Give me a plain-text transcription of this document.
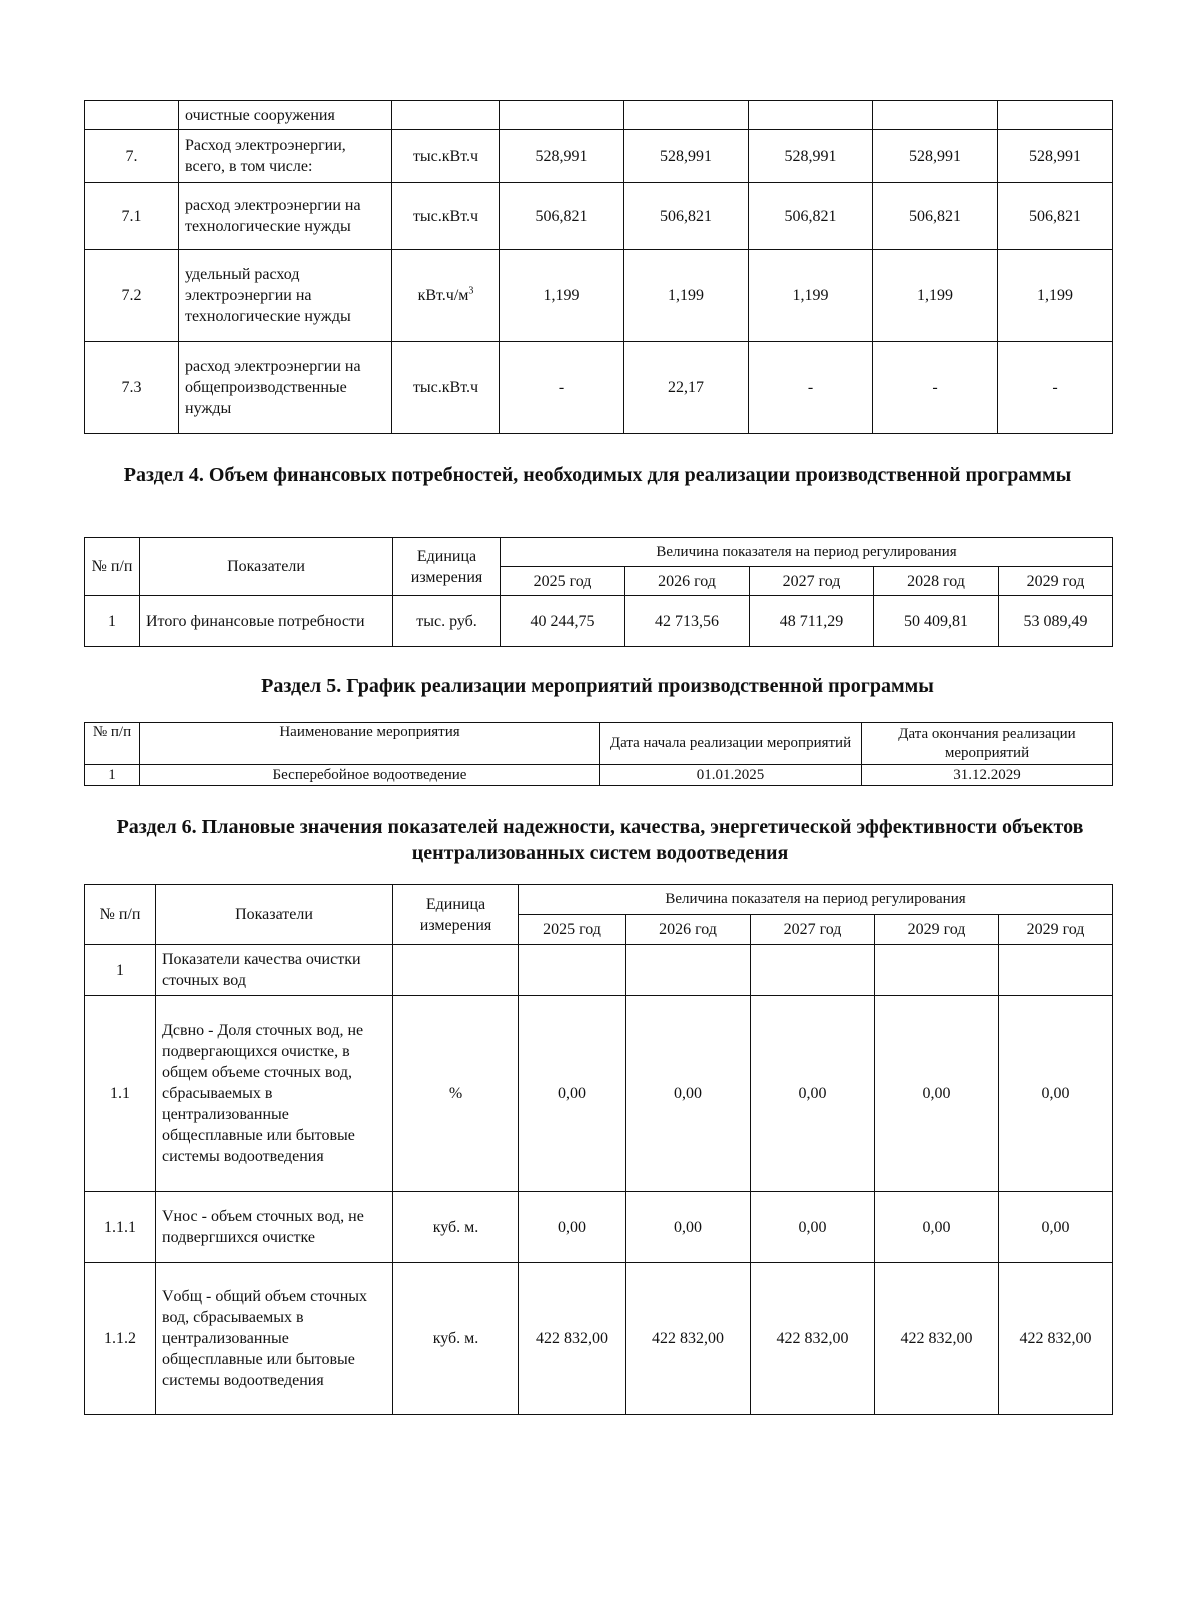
	очистные сооружения						
7.	Расход электроэнергии, всего, в том числе:	тыс.кВт.ч	528,991	528,991	528,991	528,991	528,991
7.1	расход электроэнергии на технологические нужды	тыс.кВт.ч	506,821	506,821	506,821	506,821	506,821
7.2	удельный расход электроэнергии на технологические нужды	$кВт.ч/м^3$	1,199	1,199	1,199	1,199	1,199
7.3	расход электроэнергии на общепроизводственные нужды	тыс.кВт.ч	-	22,17	-	-	-
Раздел 4. Объем финансовых потребностей, необходимых для реализации производственной программы
№ п/п	Показатели	Единица измерения	Величина показателя на период регулирования				
			2025 год	2026 год	2027 год	2028 год	2029 год
1	Итого финансовые потребности	тыс. руб.	40 244,75	42 713,56	48 711,29	50 409,81	53 089,49
Раздел 5. График реализации мероприятий производственной программы
№ п/п	Наименование мероприятия	Дата начала реализации мероприятий	Дата окончания реализации мероприятий
1	Бесперебойное водоотведение	01.01.2025	31.12.2029
Раздел 6. Плановые значения показателей надежности, качества, энергетической эффективности объектов централизованных систем водоотведения
№ п/п	Показатели	Единица измерения	Величина показателя на период регулирования				
			2025 год	2026 год	2027 год	2029 год	2029 год
1	Показатели качества очистки сточных вод						
1.1	Дсвно - Доля сточных вод, не подвергающихся очистке, в общем объеме сточных вод, сбрасываемых в централизованные общесплавные или бытовые системы водоотведения	%	0,00	0,00	0,00	0,00	0,00
1.1.1	Vнос - объем сточных вод, не подвергшихся очистке	куб. м.	0,00	0,00	0,00	0,00	0,00
1.1.2	Vобщ - общий объем сточных вод, сбрасываемых в централизованные общесплавные или бытовые системы водоотведения	куб. м.	422 832,00	422 832,00	422 832,00	422 832,00	422 832,00
